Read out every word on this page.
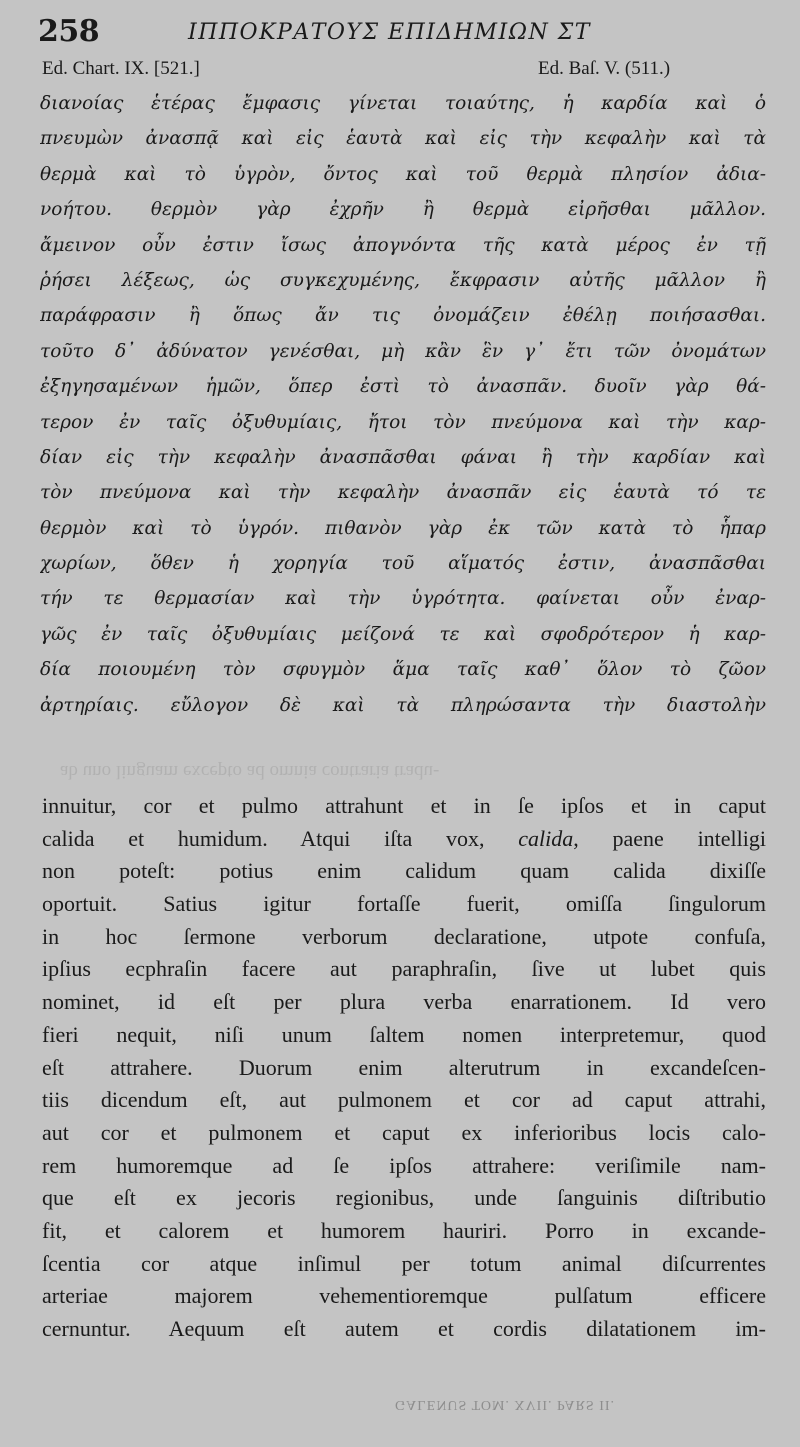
258	ΙΠΠΟΚΡΑΤΟΥΣ ΕΠΙΔΗΜΙΩΝ ΣΤ
Ed. Chart. IX. [521.]	Ed. Baſ. V. (511.)
διανοίας ἑτέρας ἔμφασις γίνεται τοιαύτης, ἡ καρδία καὶ ὁ
πνευμὼν ἀνασπᾷ καὶ εἰς ἑαυτὰ καὶ εἰς τὴν κεφαλὴν καὶ τὰ
θερμὰ καὶ τὸ ὑγρὸν, ὄντος καὶ τοῦ θερμὰ πλησίον ἀδια-
νοήτου. θερμὸν γὰρ ἐχρῆν ἢ θερμὰ εἰρῆσθαι μᾶλλον.
ἄμεινον οὖν ἐστιν ἴσως ἀπογνόντα τῆς κατὰ μέρος ἐν τῇ
ῥήσει λέξεως, ὡς συγκεχυμένης, ἔκφρασιν αὐτῆς μᾶλλον ἢ
παράφρασιν ἢ ὅπως ἄν τις ὀνομάζειν ἐθέλῃ ποιήσασθαι.
τοῦτο δ᾽ ἀδύνατον γενέσθαι, μὴ κἂν ἓν γ᾽ ἔτι τῶν ὀνομάτων
ἐξηγησαμένων ἡμῶν, ὅπερ ἐστὶ τὸ ἀνασπᾶν. δυοῖν γὰρ θά-
τερον ἐν ταῖς ὀξυθυμίαις, ἤτοι τὸν πνεύμονα καὶ τὴν καρ-
δίαν εἰς τὴν κεφαλὴν ἀνασπᾶσθαι φάναι ἢ τὴν καρδίαν καὶ
τὸν πνεύμονα καὶ τὴν κεφαλὴν ἀνασπᾶν εἰς ἑαυτὰ τό τε
θερμὸν καὶ τὸ ὑγρόν. πιθανὸν γὰρ ἐκ τῶν κατὰ τὸ ἧπαρ
χωρίων, ὅθεν ἡ χορηγία τοῦ αἵματός ἐστιν, ἀνασπᾶσθαι
τήν τε θερμασίαν καὶ τὴν ὑγρότητα. φαίνεται οὖν ἐναρ-
γῶς ἐν ταῖς ὀξυθυμίαις μείζονά τε καὶ σφοδρότερον ἡ καρ-
δία ποιουμένη τὸν σφυγμὸν ἅμα ταῖς καθ᾽ ὅλον τὸ ζῶον
ἀρτηρίαις. εὔλογον δὲ καὶ τὰ πληρώσαντα τὴν διαστολὴν
ab uno linguam excepto ad omnia contraria tradu-
innuitur, cor et pulmo attrahunt et in ſe ipſos et in caput
calida et humidum. Atqui iſta vox, calida, paene intelligi
non poteſt: potius enim calidum quam calida dixiſſe
oportuit. Satius igitur fortaſſe fuerit, omiſſa ſingulorum
in hoc ſermone verborum declaratione, utpote confuſa,
ipſius ecphraſin facere aut paraphraſin, ſive ut lubet quis
nominet, id eſt per plura verba enarrationem. Id vero
fieri nequit, niſi unum ſaltem nomen interpretemur, quod
eſt attrahere. Duorum enim alterutrum in excandeſcen-
tiis dicendum eſt, aut pulmonem et cor ad caput attrahi,
aut cor et pulmonem et caput ex inferioribus locis calo-
rem humoremque ad ſe ipſos attrahere: veriſimile nam-
que eſt ex jecoris regionibus, unde ſanguinis diſtributio
fit, et calorem et humorem hauriri. Porro in excande-
ſcentia cor atque inſimul per totum animal diſcurrentes
arteriae majorem vehementioremque pulſatum efficere
cernuntur. Aequum eſt autem et cordis dilatationem im-
GALENUS TOM. XVII. PARS II.
